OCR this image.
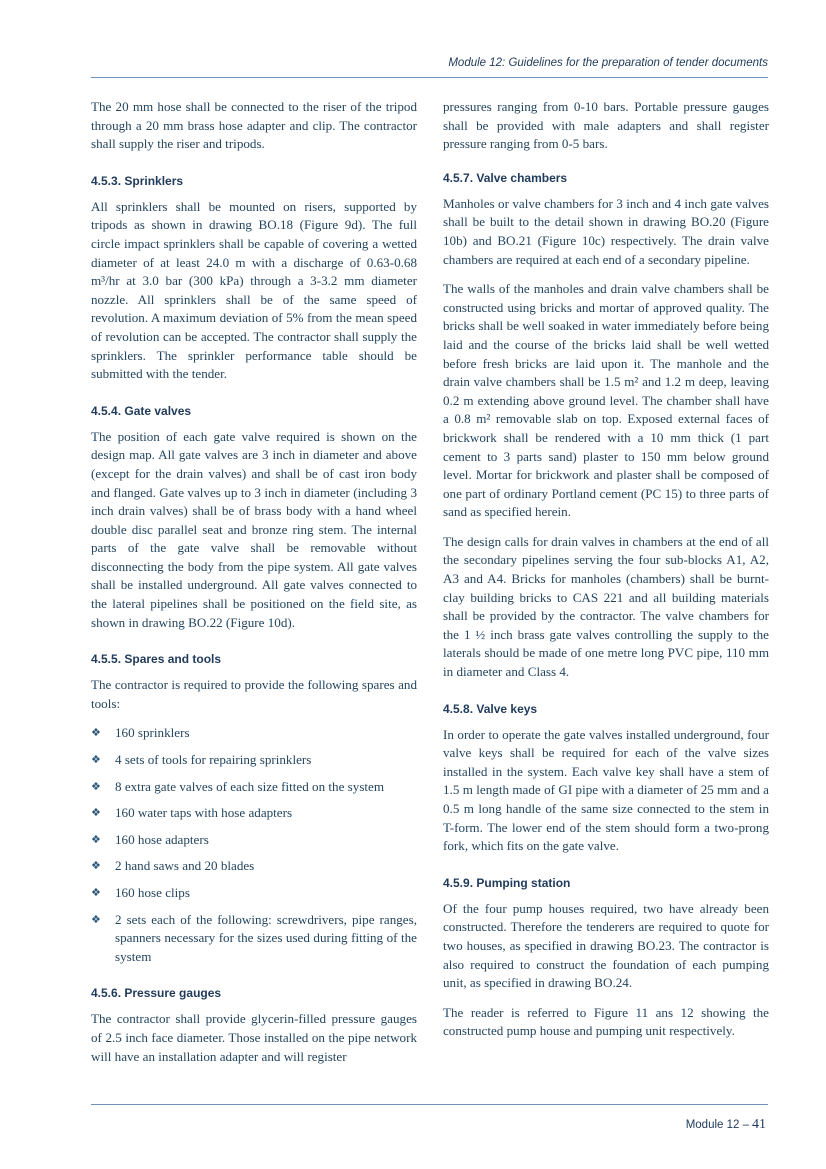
Module 12: Guidelines for the preparation of tender documents

The 20 mm hose shall be connected to the riser of the tripod through a 20 mm brass hose adapter and clip. The contractor shall supply the riser and tripods.

4.5.3. Sprinklers

All sprinklers shall be mounted on risers, supported by tripods as shown in drawing BO.18 (Figure 9d). The full circle impact sprinklers shall be capable of covering a wetted diameter of at least 24.0 m with a discharge of 0.63-0.68 m³/hr at 3.0 bar (300 kPa) through a 3-3.2 mm diameter nozzle. All sprinklers shall be of the same speed of revolution. A maximum deviation of 5% from the mean speed of revolution can be accepted. The contractor shall supply the sprinklers. The sprinkler performance table should be submitted with the tender.

4.5.4. Gate valves

The position of each gate valve required is shown on the design map. All gate valves are 3 inch in diameter and above (except for the drain valves) and shall be of cast iron body and flanged. Gate valves up to 3 inch in diameter (including 3 inch drain valves) shall be of brass body with a hand wheel double disc parallel seat and bronze ring stem. The internal parts of the gate valve shall be removable without disconnecting the body from the pipe system. All gate valves shall be installed underground. All gate valves connected to the lateral pipelines shall be positioned on the field site, as shown in drawing BO.22 (Figure 10d).

4.5.5. Spares and tools

The contractor is required to provide the following spares and tools:

❖ 160 sprinklers
❖ 4 sets of tools for repairing sprinklers
❖ 8 extra gate valves of each size fitted on the system
❖ 160 water taps with hose adapters
❖ 160 hose adapters
❖ 2 hand saws and 20 blades
❖ 160 hose clips
❖ 2 sets each of the following: screwdrivers, pipe ranges, spanners necessary for the sizes used during fitting of the system
4.5.6. Pressure gauges

The contractor shall provide glycerin-filled pressure gauges of 2.5 inch face diameter. Those installed on the pipe network will have an installation adapter and will register

pressures ranging from 0-10 bars. Portable pressure gauges shall be provided with male adapters and shall register pressure ranging from 0-5 bars.

4.5.7. Valve chambers

Manholes or valve chambers for 3 inch and 4 inch gate valves shall be built to the detail shown in drawing BO.20 (Figure 10b) and BO.21 (Figure 10c) respectively. The drain valve chambers are required at each end of a secondary pipeline.

The walls of the manholes and drain valve chambers shall be constructed using bricks and mortar of approved quality. The bricks shall be well soaked in water immediately before being laid and the course of the bricks laid shall be well wetted before fresh bricks are laid upon it. The manhole and the drain valve chambers shall be 1.5 m² and 1.2 m deep, leaving 0.2 m extending above ground level. The chamber shall have a 0.8 m² removable slab on top. Exposed external faces of brickwork shall be rendered with a 10 mm thick (1 part cement to 3 parts sand) plaster to 150 mm below ground level. Mortar for brickwork and plaster shall be composed of one part of ordinary Portland cement (PC 15) to three parts of sand as specified herein.

The design calls for drain valves in chambers at the end of all the secondary pipelines serving the four sub-blocks A1, A2, A3 and A4. Bricks for manholes (chambers) shall be burnt-clay building bricks to CAS 221 and all building materials shall be provided by the contractor. The valve chambers for the 1 ½ inch brass gate valves controlling the supply to the laterals should be made of one metre long PVC pipe, 110 mm in diameter and Class 4.

4.5.8. Valve keys

In order to operate the gate valves installed underground, four valve keys shall be required for each of the valve sizes installed in the system. Each valve key shall have a stem of 1.5 m length made of GI pipe with a diameter of 25 mm and a 0.5 m long handle of the same size connected to the stem in T-form. The lower end of the stem should form a two-prong fork, which fits on the gate valve.

4.5.9. Pumping station

Of the four pump houses required, two have already been constructed. Therefore the tenderers are required to quote for two houses, as specified in drawing BO.23. The contractor is also required to construct the foundation of each pumping unit, as specified in drawing BO.24.

The reader is referred to Figure 11 ans 12 showing the constructed pump house and pumping unit respectively.

Module 12 – 41
